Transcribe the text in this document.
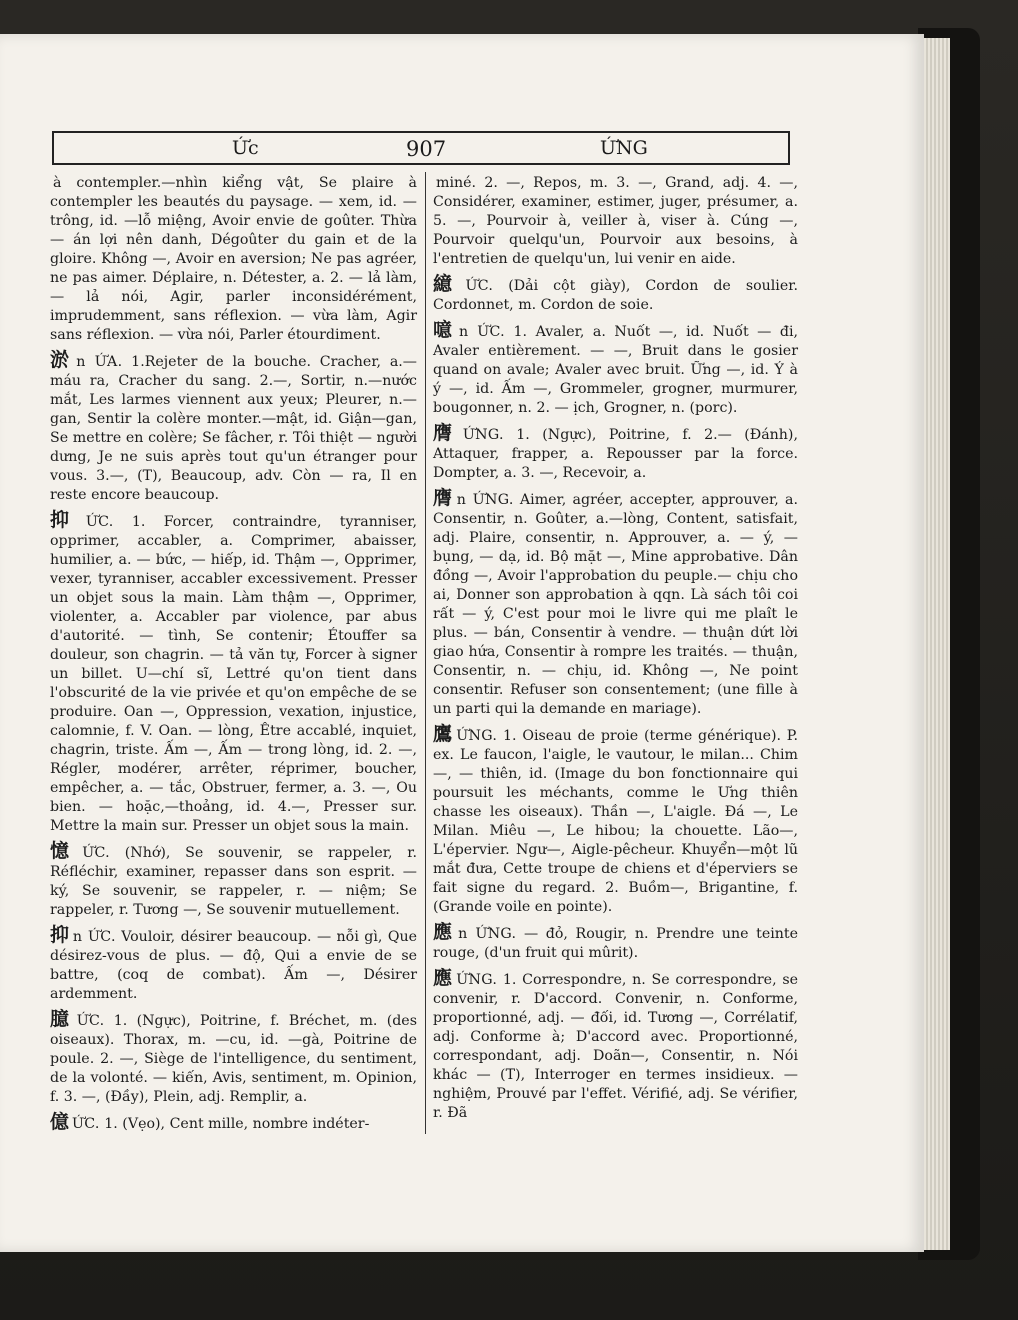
Ức	907	ỨNG

à contempler.—nhìn kiểng vật, Se plaire à contempler les beautés du paysage. — xem, id. — trông, id. —lỗ miệng, Avoir envie de goûter. Thừa — án lợi nên danh, Dégoûter du gain et de la gloire. Không —, Avoir en aversion; Ne pas agréer, ne pas aimer. Déplaire, n. Détester, a. 2. — lả làm, — lả nói, Agir, parler inconsidérément, imprudemment, sans réflexion. — vừa làm, Agir sans réflexion. — vừa nói, Parler étourdiment.

淤 n ỨA. 1.Rejeter de la bouche. Cracher, a.— máu ra, Cracher du sang. 2.—, Sortir, n.—nước mắt, Les larmes viennent aux yeux; Pleurer, n.—gan, Sentir la colère monter.—mật, id. Giận—gan, Se mettre en colère; Se fâcher, r. Tôi thiệt — người dưng, Je ne suis après tout qu'un étranger pour vous. 3.—, (T), Beaucoup, adv. Còn — ra, Il en reste encore beaucoup.

抑 ỨC. 1. Forcer, contraindre, tyranniser, opprimer, accabler, a. Comprimer, abaisser, humilier, a. — bức, — hiếp, id. Thậm —, Opprimer, vexer, tyranniser, accabler excessivement. Presser un objet sous la main. Làm thậm —, Opprimer, violenter, a. Accabler par violence, par abus d'autorité. — tình, Se contenir; Étouffer sa douleur, son chagrin. — tả văn tự, Forcer à signer un billet. U—chí sĩ, Lettré qu'on tient dans l'obscurité de la vie privée et qu'on empêche de se produire. Oan —, Oppression, vexation, injustice, calomnie, f. V. Oan. — lòng, Être accablé, inquiet, chagrin, triste. Ấm —, Ấm — trong lòng, id. 2. —, Régler, modérer, arrêter, réprimer, boucher, empêcher, a. — tắc, Obstruer, fermer, a. 3. —, Ou bien. — hoặc,—thoảng, id. 4.—, Presser sur. Mettre la main sur. Presser un objet sous la main.

憶 ỨC. (Nhớ), Se souvenir, se rappeler, r. Réfléchir, examiner, repasser dans son esprit. — ký, Se souvenir, se rappeler, r. — niệm; Se rappeler, r. Tương —, Se souvenir mutuellement.

抑 n ỨC. Vouloir, désirer beaucoup. — nỗi gì, Que désirez-vous de plus. — độ, Qui a envie de se battre, (coq de combat). Ấm —, Désirer ardemment.

臆 ỨC. 1. (Ngực), Poitrine, f. Bréchet, m. (des oiseaux). Thorax, m. —cu, id. —gà, Poitrine de poule. 2. —, Siège de l'intelligence, du sentiment, de la volonté. — kiến, Avis, sentiment, m. Opinion, f. 3. —, (Đầy), Plein, adj. Remplir, a.

億 ỨC. 1. (Vẹo), Cent mille, nombre indéter-

miné. 2. —, Repos, m. 3. —, Grand, adj. 4. —, Considérer, examiner, estimer, juger, présumer, a. 5. —, Pourvoir à, veiller à, viser à. Cúng —, Pourvoir quelqu'un, Pourvoir aux besoins, à l'entretien de quelqu'un, lui venir en aide.

繶 ỨC. (Dải cột giày), Cordon de soulier. Cordonnet, m. Cordon de soie.

噫 n ỨC. 1. Avaler, a. Nuốt —, id. Nuốt — đi, Avaler entièrement. — —, Bruit dans le gosier quand on avale; Avaler avec bruit. Ững —, id. Ý à ý —, id. Ấm —, Grommeler, grogner, murmurer, bougonner, n. 2. — ịch, Grogner, n. (porc).

膺 ỨNG. 1. (Ngực), Poitrine, f. 2.— (Đánh), Attaquer, frapper, a. Repousser par la force. Dompter, a. 3. —, Recevoir, a.

膺 n ỨNG. Aimer, agréer, accepter, approuver, a. Consentir, n. Goûter, a.—lòng, Content, satisfait, adj. Plaire, consentir, n. Approuver, a. — ý, — bụng, — dạ, id. Bộ mặt —, Mine approbative. Dân đồng —, Avoir l'approbation du peuple.— chịu cho ai, Donner son approbation à qqn. Là sách tôi coi rất — ý, C'est pour moi le livre qui me plaît le plus. — bán, Consentir à vendre. — thuận dứt lời giao hứa, Consentir à rompre les traités. — thuận, Consentir, n. — chịu, id. Không —, Ne point consentir. Refuser son consentement; (une fille à un parti qui la demande en mariage).

鷹 ỨNG. 1. Oiseau de proie (terme générique). P. ex. Le faucon, l'aigle, le vautour, le milan... Chim —, — thiên, id. (Image du bon fonctionnaire qui poursuit les méchants, comme le Ưng thiên chasse les oiseaux). Thần —, L'aigle. Đá —, Le Milan. Miêu —, Le hibou; la chouette. Lão—, L'épervier. Ngư—, Aigle-pêcheur. Khuyển—một lũ mắt đưa, Cette troupe de chiens et d'éperviers se fait signe du regard. 2. Buồm—, Brigantine, f. (Grande voile en pointe).

應 n ỨNG. — đỏ, Rougir, n. Prendre une teinte rouge, (d'un fruit qui mûrit).

應 ỨNG. 1. Correspondre, n. Se correspondre, se convenir, r. D'accord. Convenir, n. Conforme, proportionné, adj. — đối, id. Tương —, Corrélatif, adj. Conforme à; D'accord avec. Proportionné, correspondant, adj. Doãn—, Consentir, n. Nói khác — (T), Interroger en termes insidieux. —nghiệm, Prouvé par l'effet. Vérifié, adj. Se vérifier, r. Đã
